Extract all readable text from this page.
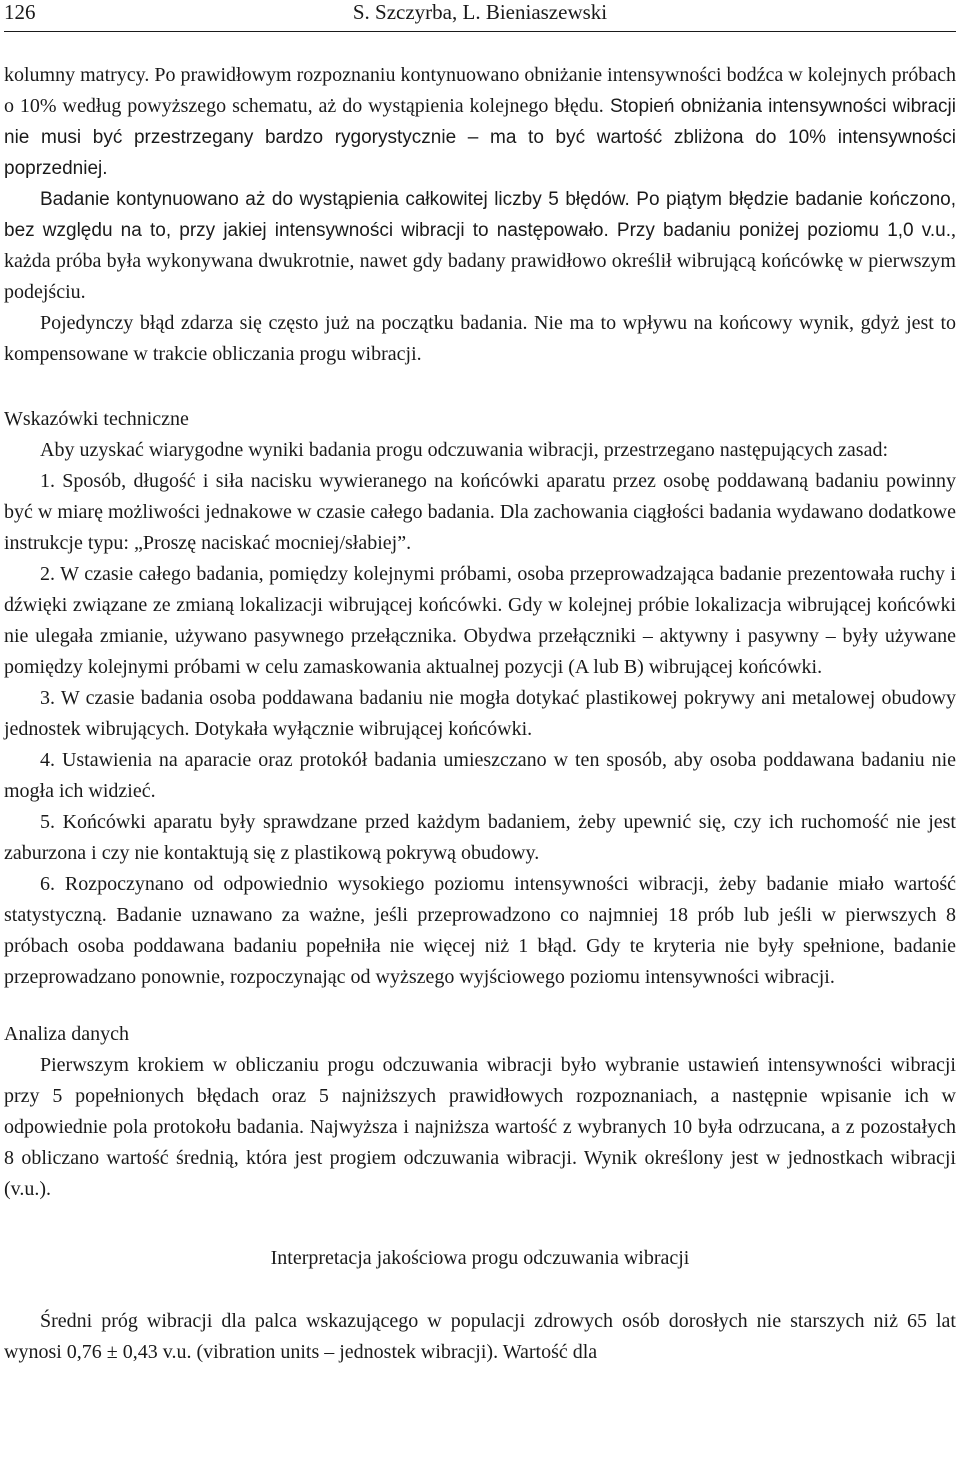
126	S. Szczyrba, L. Bieniaszewski

kolumny matrycy. Po prawidłowym rozpoznaniu kontynuowano obniżanie intensywności bodźca w kolejnych próbach o 10% według powyższego schematu, aż do wystąpienia kolejnego błędu. Stopień obniżania intensywności wibracji nie musi być przestrzegany bardzo rygorystycznie – ma to być wartość zbliżona do 10% intensywności poprzedniej.

Badanie kontynuowano aż do wystąpienia całkowitej liczby 5 błędów. Po piątym błędzie badanie kończono, bez względu na to, przy jakiej intensywności wibracji to następowało. Przy badaniu poniżej poziomu 1,0 v.u., każda próba była wykonywana dwukrotnie, nawet gdy badany prawidłowo określił wibrującą końcówkę w pierwszym podejściu.

Pojedynczy błąd zdarza się często już na początku badania. Nie ma to wpływu na końcowy wynik, gdyż jest to kompensowane w trakcie obliczania progu wibracji.

Wskazówki techniczne

Aby uzyskać wiarygodne wyniki badania progu odczuwania wibracji, przestrzegano następujących zasad:

1. Sposób, długość i siła nacisku wywieranego na końcówki aparatu przez osobę poddawaną badaniu powinny być w miarę możliwości jednakowe w czasie całego badania. Dla zachowania ciągłości badania wydawano dodatkowe instrukcje typu: „Proszę naciskać mocniej/słabiej”.

2. W czasie całego badania, pomiędzy kolejnymi próbami, osoba przeprowadzająca badanie prezentowała ruchy i dźwięki związane ze zmianą lokalizacji wibrującej końcówki. Gdy w kolejnej próbie lokalizacja wibrującej końcówki nie ulegała zmianie, używano pasywnego przełącznika. Obydwa przełączniki – aktywny i pasywny – były używane pomiędzy kolejnymi próbami w celu zamaskowania aktualnej pozycji (A lub B) wibrującej końcówki.

3. W czasie badania osoba poddawana badaniu nie mogła dotykać plastikowej pokrywy ani metalowej obudowy jednostek wibrujących. Dotykała wyłącznie wibrującej końcówki.

4. Ustawienia na aparacie oraz protokół badania umieszczano w ten sposób, aby osoba poddawana badaniu nie mogła ich widzieć.

5. Końcówki aparatu były sprawdzane przed każdym badaniem, żeby upewnić się, czy ich ruchomość nie jest zaburzona i czy nie kontaktują się z plastikową pokrywą obudowy.

6. Rozpoczynano od odpowiednio wysokiego poziomu intensywności wibracji, żeby badanie miało wartość statystyczną. Badanie uznawano za ważne, jeśli przeprowadzono co najmniej 18 prób lub jeśli w pierwszych 8 próbach osoba poddawana badaniu popełniła nie więcej niż 1 błąd. Gdy te kryteria nie były spełnione, badanie przeprowadzano ponownie, rozpoczynając od wyższego wyjściowego poziomu intensywności wibracji.

Analiza danych

Pierwszym krokiem w obliczaniu progu odczuwania wibracji było wybranie ustawień intensywności wibracji przy 5 popełnionych błędach oraz 5 najniższych prawidłowych rozpoznaniach, a następnie wpisanie ich w odpowiednie pola protokołu badania. Najwyższa i najniższa wartość z wybranych 10 była odrzucana, a z pozostałych 8 obliczano wartość średnią, która jest progiem odczuwania wibracji. Wynik określony jest w jednostkach wibracji (v.u.).

Interpretacja jakościowa progu odczuwania wibracji

Średni próg wibracji dla palca wskazującego w populacji zdrowych osób dorosłych nie starszych niż 65 lat wynosi 0,76 ± 0,43 v.u. (vibration units – jednostek wibracji). Wartość dla
